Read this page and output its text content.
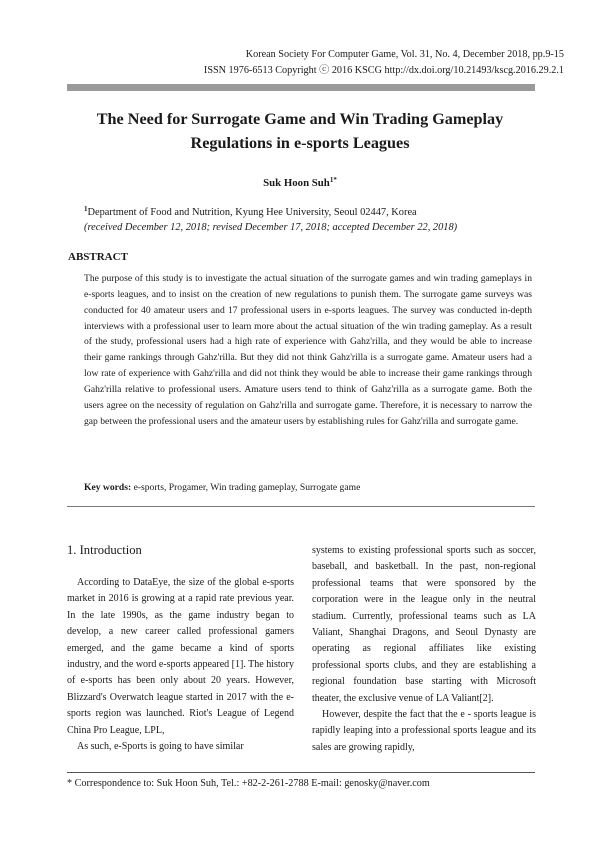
Korean Society For Computer Game, Vol. 31, No. 4, December 2018, pp.9-15
ISSN 1976-6513 Copyright ⓒ 2016 KSCG http://dx.doi.org/10.21493/kscg.2016.29.2.1
The Need for Surrogate Game and Win Trading Gameplay
Regulations in e-sports Leagues
Suk Hoon Suh$^{1*}$
$^1$Department of Food and Nutrition, Kyung Hee University, Seoul 02447, Korea
(received December 12, 2018; revised December 17, 2018; accepted December 22, 2018)
ABSTRACT
The purpose of this study is to investigate the actual situation of the surrogate games and win trading gameplays in e-sports leagues, and to insist on the creation of new regulations to punish them. The surrogate game surveys was conducted for 40 amateur users and 17 professional users in e-sports leagues. The survey was conducted in-depth interviews with a professional user to learn more about the actual situation of the win trading gameplay. As a result of the study, professional users had a high rate of experience with Gahz'rilla, and they would be able to increase their game rankings through Gahz'rilla. But they did not think Gahz'rilla is a surrogate game. Amateur users had a low rate of experience with Gahz'rilla and did not think they would be able to increase their game rankings through Gahz'rilla relative to professional users. Amature users tend to think of Gahz'rilla as a surrogate game. Both the users agree on the necessity of regulation on Gahz'rilla and surrogate game. Therefore, it is necessary to narrow the gap between the professional users and the amateur users by establishing rules for Gahz'rilla and surrogate game.
Key words: e-sports, Progamer, Win trading gameplay, Surrogate game
1. Introduction

According to DataEye, the size of the global e-sports market in 2016 is growing at a rapid rate previous year. In the late 1990s, as the game industry began to develop, a new career called professional gamers emerged, and the game became a kind of sports industry, and the word e-sports appeared [1]. The history of e-sports has been only about 20 years. However, Blizzard's Overwatch league started in 2017 with the e-sports region was launched. Riot's League of Legend China Pro League, LPL,

As such, e-Sports is going to have similar

systems to existing professional sports such as soccer, baseball, and basketball. In the past, non-regional professional teams that were sponsored by the corporation were in the league only in the neutral stadium. Currently, professional teams such as LA Valiant, Shanghai Dragons, and Seoul Dynasty are operating as regional affiliates like existing professional sports clubs, and they are establishing a regional foundation base starting with Microsoft theater, the exclusive venue of LA Valiant[2].

However, despite the fact that the e - sports league is rapidly leaping into a professional sports league and its sales are growing rapidly,

* Correspondence to: Suk Hoon Suh, Tel.: +82-2-261-2788 E-mail: genosky@naver.com
